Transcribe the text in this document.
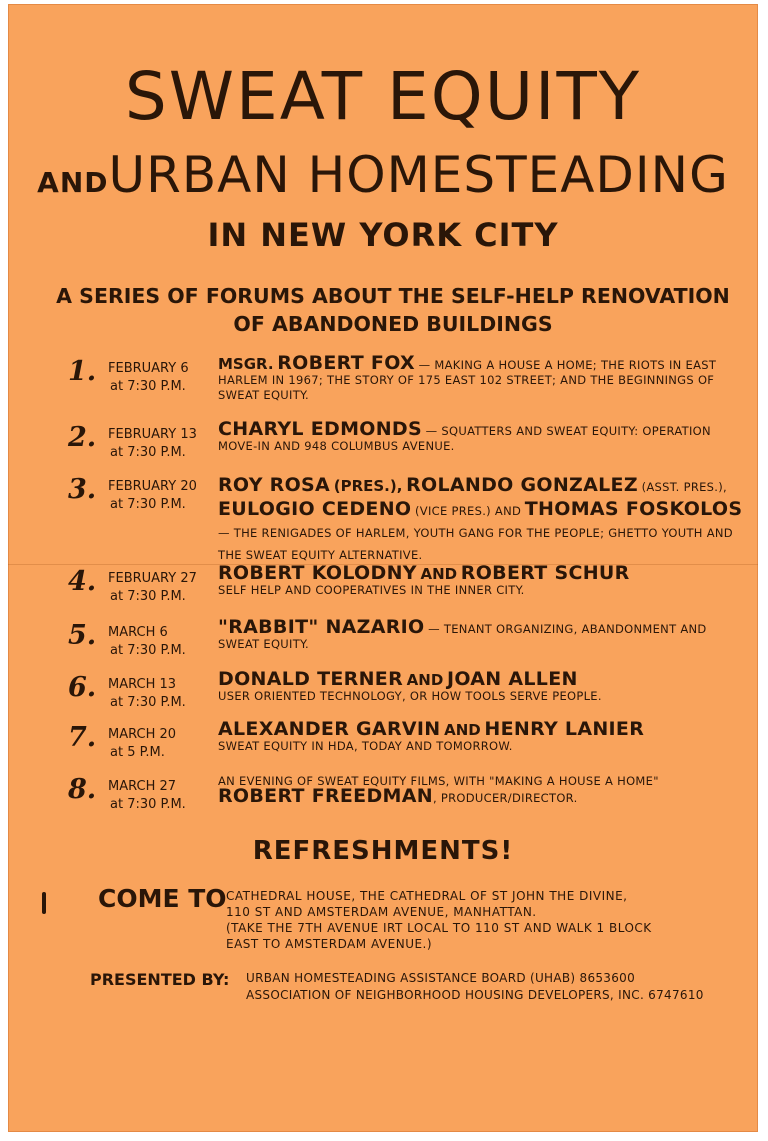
SWEAT EQUITY
ANDURBAN HOMESTEADING
IN NEW YORK CITY
A SERIES OF FORUMS ABOUT THE SELF-HELP RENOVATION
OF ABANDONED BUILDINGS
1. FEBRUARY 6
at 7:30 P.M.
MSGR. ROBERT FOX — MAKING A HOUSE A HOME; THE RIOTS IN EAST HARLEM IN 1967; THE STORY OF 175 EAST 102 STREET; AND THE BEGINNINGS OF SWEAT EQUITY.
2. FEBRUARY 13
at 7:30 P.M.
CHARYL EDMONDS — SQUATTERS AND SWEAT EQUITY: OPERATION MOVE-IN AND 948 COLUMBUS AVENUE.
3. FEBRUARY 20
at 7:30 P.M.
ROY ROSA (PRES.), ROLANDO GONZALEZ (ASST. PRES.), EULOGIO CEDENO (VICE PRES.) AND THOMAS FOSKOLOS — THE RENIGADES OF HARLEM, YOUTH GANG FOR THE PEOPLE; GHETTO YOUTH AND THE SWEAT EQUITY ALTERNATIVE.
4. FEBRUARY 27
at 7:30 P.M.
ROBERT KOLODNY AND ROBERT SCHUR
SELF HELP AND COOPERATIVES IN THE INNER CITY.
5. MARCH 6
at 7:30 P.M.
"RABBIT" NAZARIO — TENANT ORGANIZING, ABANDONMENT AND SWEAT EQUITY.
6. MARCH 13
at 7:30 P.M.
DONALD TERNER AND JOAN ALLEN
USER ORIENTED TECHNOLOGY, OR HOW TOOLS SERVE PEOPLE.
7. MARCH 20
at 5 P.M.
ALEXANDER GARVIN AND HENRY LANIER
SWEAT EQUITY IN HDA, TODAY AND TOMORROW.
8. MARCH 27
at 7:30 P.M.
AN EVENING OF SWEAT EQUITY FILMS, WITH "MAKING A HOUSE A HOME" ROBERT FREEDMAN, PRODUCER/DIRECTOR.
REFRESHMENTS!
COME TO CATHEDRAL HOUSE, THE CATHEDRAL OF ST JOHN THE DIVINE,
110 ST AND AMSTERDAM AVENUE, MANHATTAN.
(TAKE THE 7TH AVENUE IRT LOCAL TO 110 ST AND WALK 1 BLOCK
EAST TO AMSTERDAM AVENUE.)
PRESENTED BY: URBAN HOMESTEADING ASSISTANCE BOARD (UHAB) 8653600
ASSOCIATION OF NEIGHBORHOOD HOUSING DEVELOPERS, INC. 6747610
